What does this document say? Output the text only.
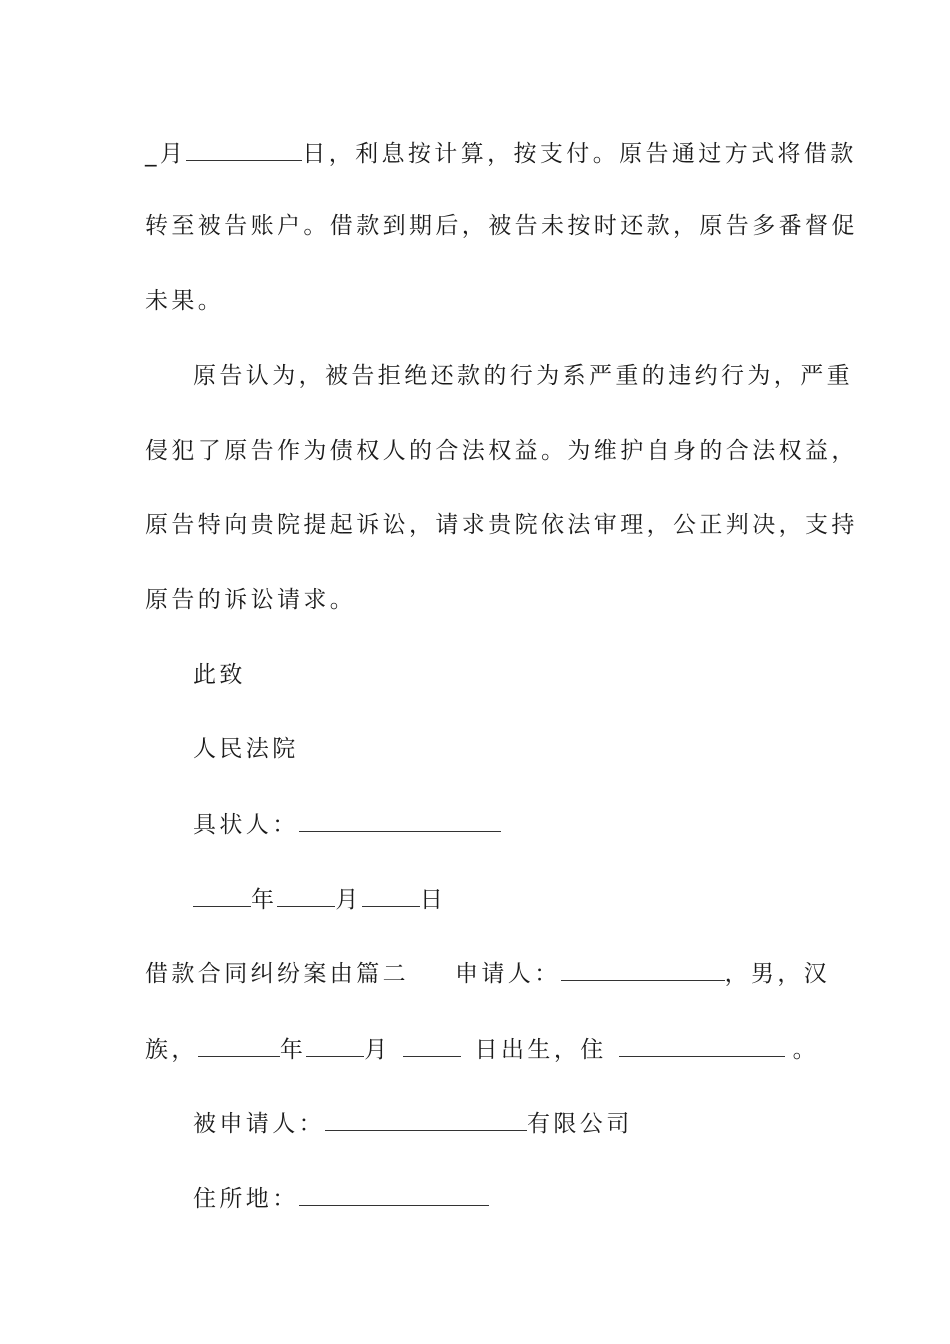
_月	日，利息按计算，按支付。原告通过方式将借款
转至被告账户。借款到期后，被告未按时还款，原告多番督促
未果。
原告认为，被告拒绝还款的行为系严重的违约行为，严重
侵犯了原告作为债权人的合法权益。为维护自身的合法权益，
原告特向贵院提起诉讼，请求贵院依法审理，公正判决，支持
原告的诉讼请求。
此致
人民法院
具状人：
年	月	日
借款合同纠纷案由篇二 申请人：	，男，汉
族，	年	月	日出生，住	。
被申请人：	有限公司
住所地：
